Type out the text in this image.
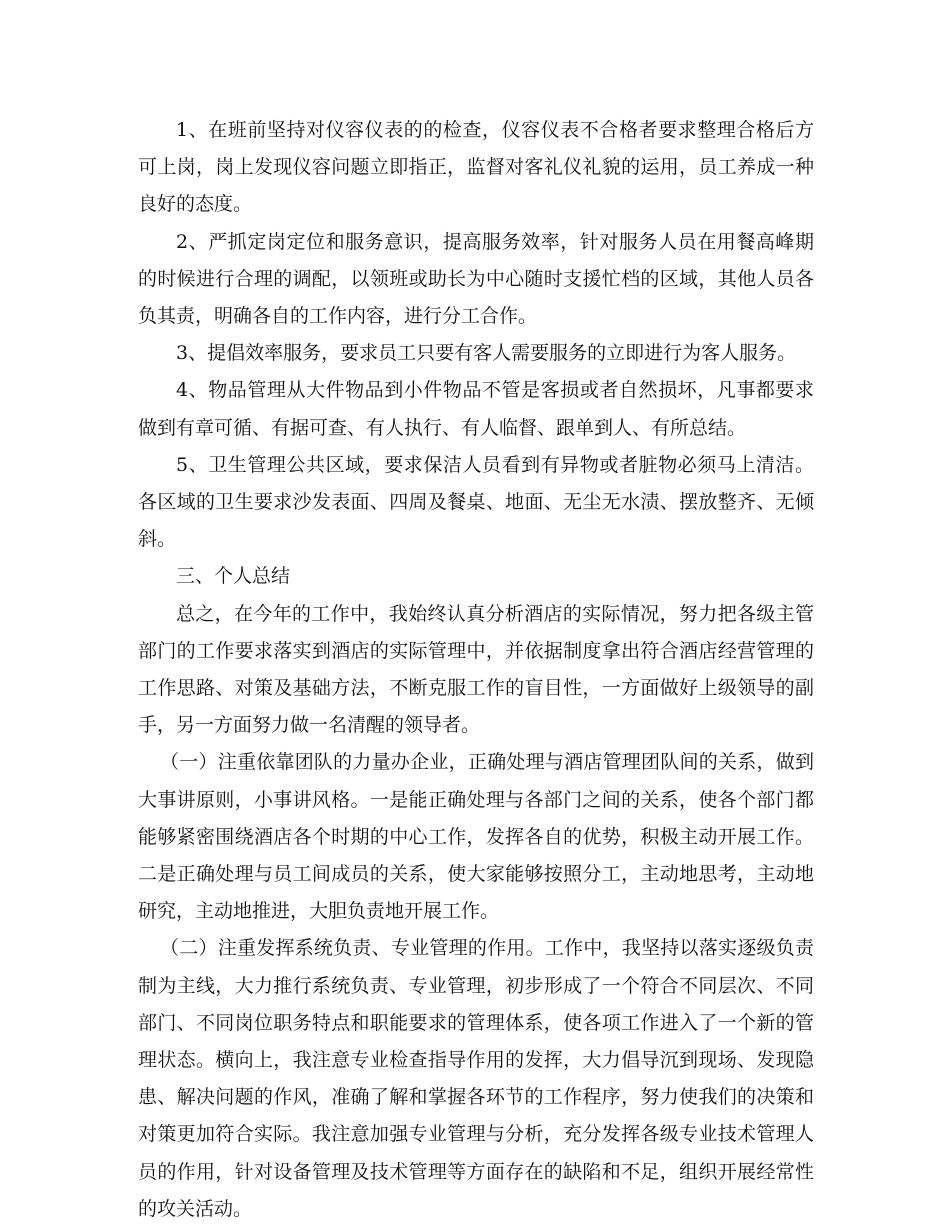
1、在班前坚持对仪容仪表的的检查，仪容仪表不合格者要求整理合格后方可上岗，岗上发现仪容问题立即指正，监督对客礼仪礼貌的运用，员工养成一种良好的态度。

2、严抓定岗定位和服务意识，提高服务效率，针对服务人员在用餐高峰期的时候进行合理的调配，以领班或助长为中心随时支援忙档的区域，其他人员各负其责，明确各自的工作内容，进行分工合作。

3、提倡效率服务，要求员工只要有客人需要服务的立即进行为客人服务。

4、物品管理从大件物品到小件物品不管是客损或者自然损坏，凡事都要求做到有章可循、有据可查、有人执行、有人临督、跟单到人、有所总结。

5、卫生管理公共区域，要求保洁人员看到有异物或者脏物必须马上清洁。各区域的卫生要求沙发表面、四周及餐桌、地面、无尘无水渍、摆放整齐、无倾斜。

三、个人总结

总之，在今年的工作中，我始终认真分析酒店的实际情况，努力把各级主管部门的工作要求落实到酒店的实际管理中，并依据制度拿出符合酒店经营管理的工作思路、对策及基础方法，不断克服工作的盲目性，一方面做好上级领导的副手，另一方面努力做一名清醒的领导者。

（一）注重依靠团队的力量办企业，正确处理与酒店管理团队间的关系，做到大事讲原则，小事讲风格。一是能正确处理与各部门之间的关系，使各个部门都能够紧密围绕酒店各个时期的中心工作，发挥各自的优势，积极主动开展工作。二是正确处理与员工间成员的关系，使大家能够按照分工，主动地思考，主动地研究，主动地推进，大胆负责地开展工作。

（二）注重发挥系统负责、专业管理的作用。工作中，我坚持以落实逐级负责制为主线，大力推行系统负责、专业管理，初步形成了一个符合不同层次、不同部门、不同岗位职务特点和职能要求的管理体系，使各项工作进入了一个新的管理状态。横向上，我注意专业检查指导作用的发挥，大力倡导沉到现场、发现隐患、解决问题的作风，准确了解和掌握各环节的工作程序，努力使我们的决策和对策更加符合实际。我注意加强专业管理与分析，充分发挥各级专业技术管理人员的作用，针对设备管理及技术管理等方面存在的缺陷和不足，组织开展经常性的攻关活动。
